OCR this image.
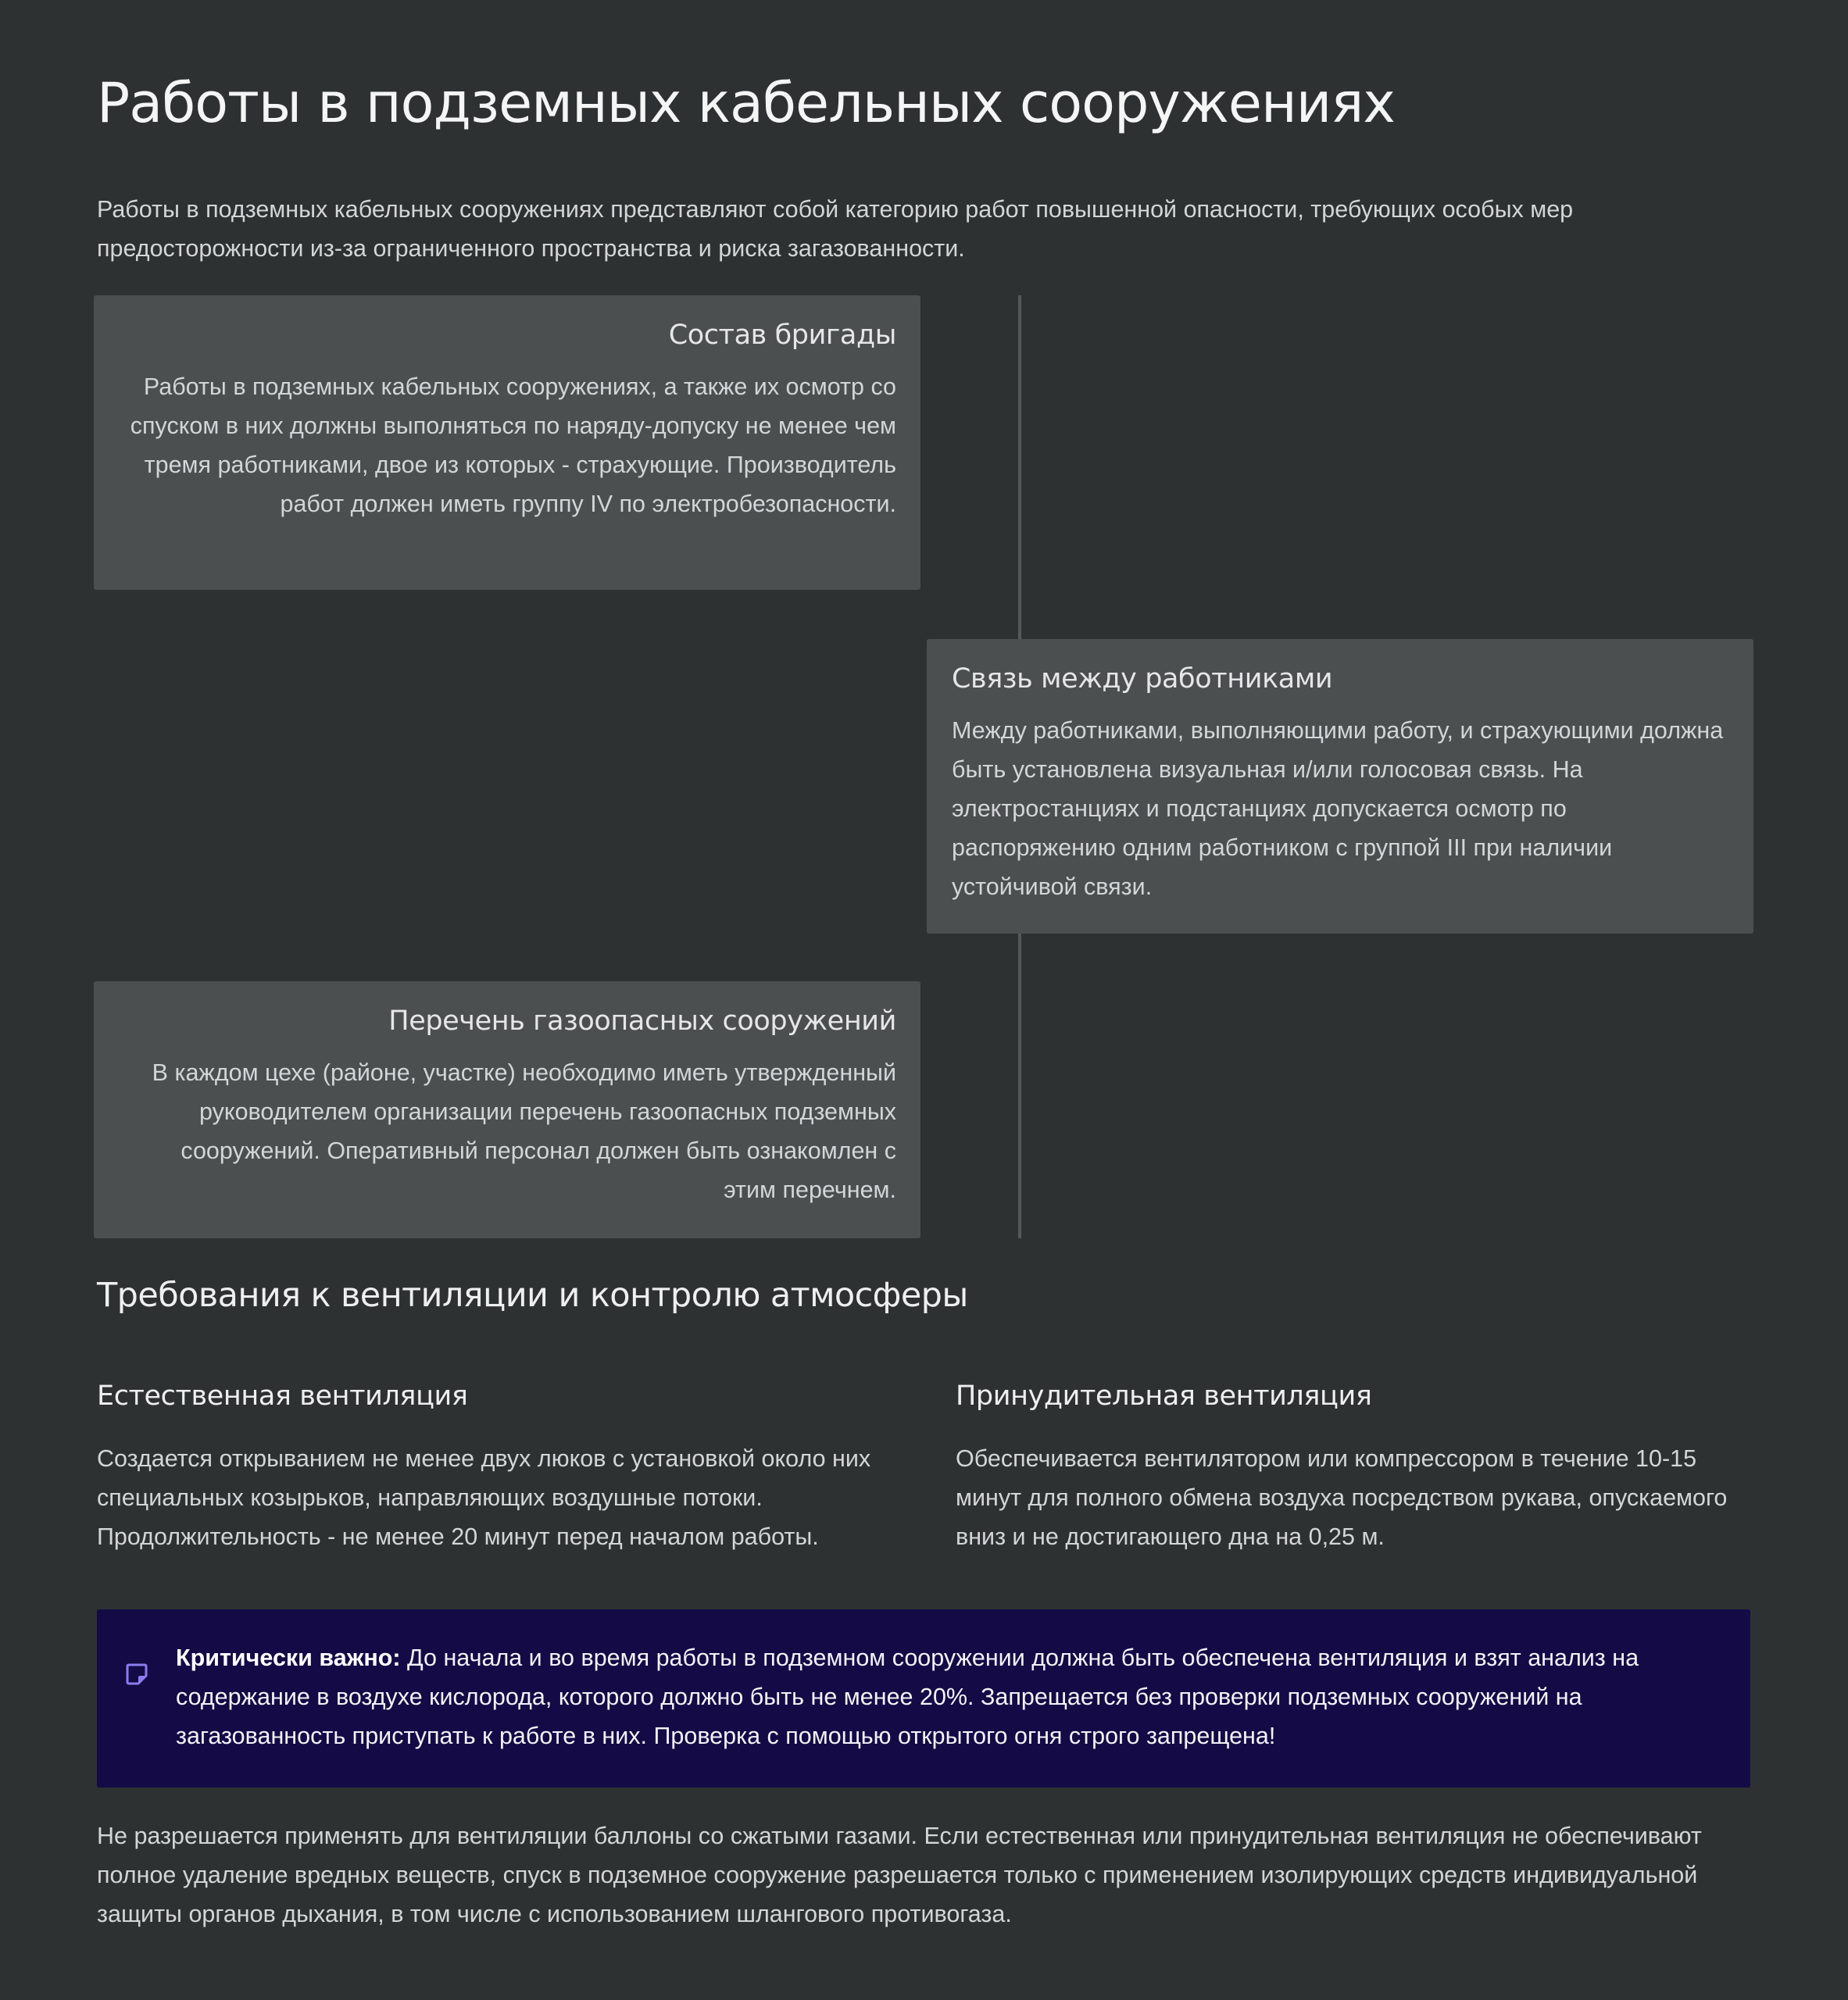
Работы в подземных кабельных сооружениях

Работы в подземных кабельных сооружениях представляют собой категорию работ повышенной опасности, требующих особых мер предосторожности из-за ограниченного пространства и риска загазованности.

Состав бригады

Работы в подземных кабельных сооружениях, а также их осмотр со спуском в них должны выполняться по наряду-допуску не менее чем тремя работниками, двое из которых - страхующие. Производитель работ должен иметь группу IV по электробезопасности.

Связь между работниками

Между работниками, выполняющими работу, и страхующими должна быть установлена визуальная и/или голосовая связь. На электростанциях и подстанциях допускается осмотр по распоряжению одним работником с группой III при наличии устойчивой связи.

Перечень газоопасных сооружений

В каждом цехе (районе, участке) необходимо иметь утвержденный руководителем организации перечень газоопасных подземных сооружений. Оперативный персонал должен быть ознакомлен с этим перечнем.

Требования к вентиляции и контролю атмосферы
Естественная вентиляция

Создается открыванием не менее двух люков с установкой около них специальных козырьков, направляющих воздушные потоки. Продолжительность - не менее 20 минут перед началом работы.

Принудительная вентиляция

Обеспечивается вентилятором или компрессором в течение 10-15 минут для полного обмена воздуха посредством рукава, опускаемого вниз и не достигающего дна на 0,25 м.

Критически важно: До начала и во время работы в подземном сооружении должна быть обеспечена вентиляция и взят анализ на содержание в воздухе кислорода, которого должно быть не менее 20%. Запрещается без проверки подземных сооружений на загазованность приступать к работе в них. Проверка с помощью открытого огня строго запрещена!

Не разрешается применять для вентиляции баллоны со сжатыми газами. Если естественная или принудительная вентиляция не обеспечивают полное удаление вредных веществ, спуск в подземное сооружение разрешается только с применением изолирующих средств индивидуальной защиты органов дыхания, в том числе с использованием шлангового противогаза.
